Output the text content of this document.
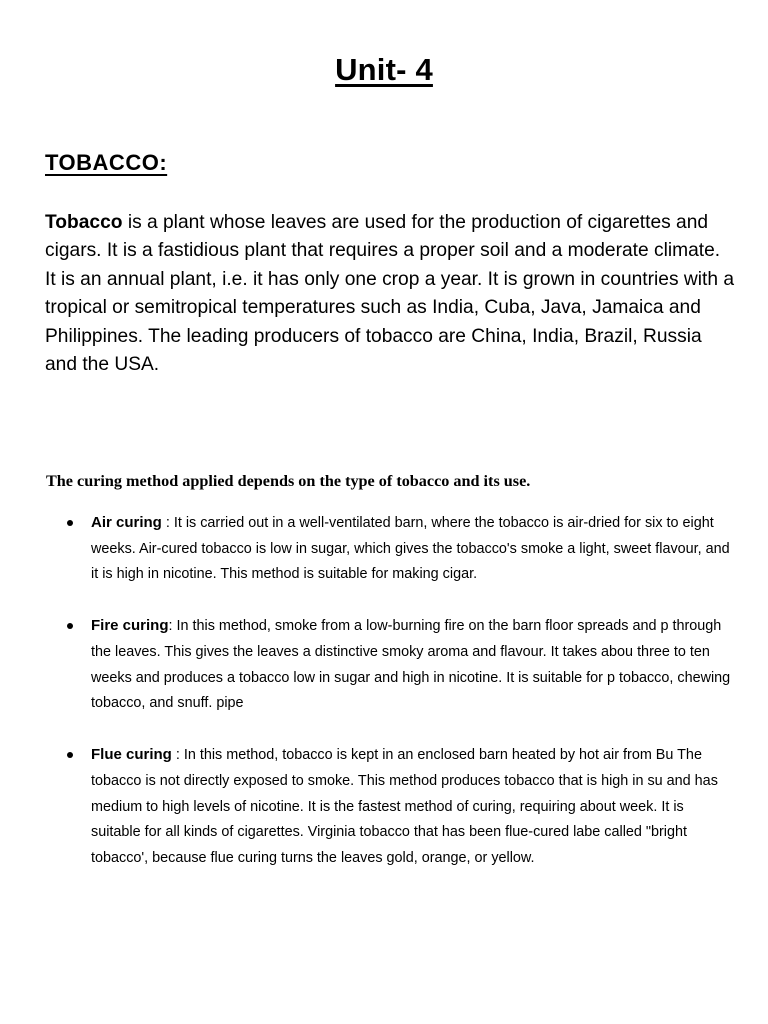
Unit- 4
TOBACCO:

Tobacco is a plant whose leaves are used for the production of cigarettes and cigars. It is a fastidious plant that requires a proper soil and a moderate climate.

It is an annual plant, i.e. it has only one crop a year. It is grown in countries with a tropical or semitropical temperatures such as India, Cuba, Java, Jamaica and Philippines. The leading producers of tobacco are China, India, Brazil, Russia and the USA.

The curing method applied depends on the type of tobacco and its use.
Air curing : It is carried out in a well-ventilated barn, where the tobacco is air-dried for six to eight weeks. Air-cured tobacco is low in sugar, which gives the tobacco's smoke a light, sweet flavour, and it is high in nicotine. This method is suitable for making cigar.
Fire curing: In this method, smoke from a low-burning fire on the barn floor spreads and p through the leaves. This gives the leaves a distinctive smoky aroma and flavour. It takes abou three to ten weeks and produces a tobacco low in sugar and high in nicotine. It is suitable for p tobacco, chewing tobacco, and snuff. pipe
Flue curing : In this method, tobacco is kept in an enclosed barn heated by hot air from Bu The tobacco is not directly exposed to smoke. This method produces tobacco that is high in su and has medium to high levels of nicotine. It is the fastest method of curing, requiring about week. It is suitable for all kinds of cigarettes. Virginia tobacco that has been flue-cured labe called "bright tobacco', because flue curing turns the leaves gold, orange, or yellow.
